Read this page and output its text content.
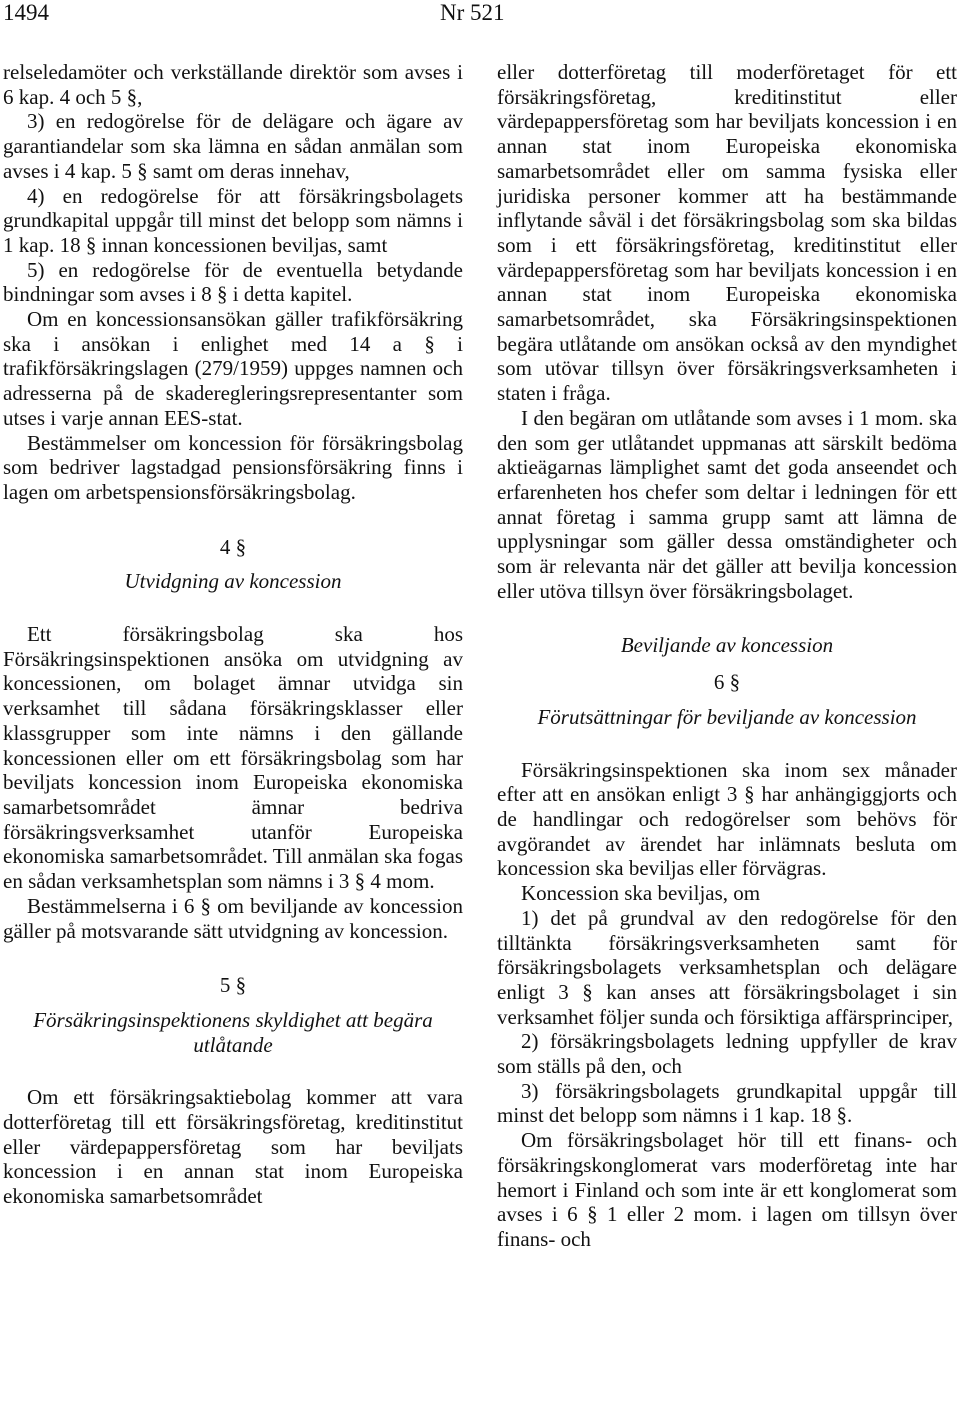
1494	Nr 521

relseledamöter och verkställande direktör som avses i 6 kap. 4 och 5 §,

3) en redogörelse för de delägare och ägare av garantiandelar som ska lämna en sådan anmälan som avses i 4 kap. 5 § samt om deras innehav,

4) en redogörelse för att försäkringsbolagets grundkapital uppgår till minst det belopp som nämns i 1 kap. 18 § innan koncessionen beviljas, samt

5) en redogörelse för de eventuella betydande bindningar som avses i 8 § i detta kapitel.

Om en koncessionsansökan gäller trafikförsäkring ska i ansökan i enlighet med 14 a § i trafikförsäkringslagen (279/1959) uppges namnen och adresserna på de skaderegleringsrepresentanter som utses i varje annan EES-stat.

Bestämmelser om koncession för försäkringsbolag som bedriver lagstadgad pensionsförsäkring finns i lagen om arbetspensionsförsäkringsbolag.

4 §
Utvidgning av koncession

Ett försäkringsbolag ska hos Försäkringsinspektionen ansöka om utvidgning av koncessionen, om bolaget ämnar utvidga sin verksamhet till sådana försäkringsklasser eller klassgrupper som inte nämns i den gällande koncessionen eller om ett försäkringsbolag som har beviljats koncession inom Europeiska ekonomiska samarbetsområdet ämnar bedriva försäkringsverksamhet utanför Europeiska ekonomiska samarbetsområdet. Till anmälan ska fogas en sådan verksamhetsplan som nämns i 3 § 4 mom.

Bestämmelserna i 6 § om beviljande av koncession gäller på motsvarande sätt utvidgning av koncession.

5 §
Försäkringsinspektionens skyldighet att begära utlåtande

Om ett försäkringsaktiebolag kommer att vara dotterföretag till ett försäkringsföretag, kreditinstitut eller värdepappersföretag som har beviljats koncession i en annan stat inom Europeiska ekonomiska samarbetsområdet

eller dotterföretag till moderföretaget för ett försäkringsföretag, kreditinstitut eller värdepappersföretag som har beviljats koncession i en annan stat inom Europeiska ekonomiska samarbetsområdet eller om samma fysiska eller juridiska personer kommer att ha bestämmande inflytande såväl i det försäkringsbolag som ska bildas som i ett försäkringsföretag, kreditinstitut eller värdepappersföretag som har beviljats koncession i en annan stat inom Europeiska ekonomiska samarbetsområdet, ska Försäkringsinspektionen begära utlåtande om ansökan också av den myndighet som utövar tillsyn över försäkringsverksamheten i staten i fråga.

I den begäran om utlåtande som avses i 1 mom. ska den som ger utlåtandet uppmanas att särskilt bedöma aktieägarnas lämplighet samt det goda anseendet och erfarenheten hos chefer som deltar i ledningen för ett annat företag i samma grupp samt att lämna de upplysningar som gäller dessa omständigheter och som är relevanta när det gäller att bevilja koncession eller utöva tillsyn över försäkringsbolaget.

Beviljande av koncession
6 §
Förutsättningar för beviljande av koncession

Försäkringsinspektionen ska inom sex månader efter att en ansökan enligt 3 § har anhängiggjorts och de handlingar och redogörelser som behövs för avgörandet av ärendet har inlämnats besluta om koncession ska beviljas eller förvägras.

Koncession ska beviljas, om

1) det på grundval av den redogörelse för den tilltänkta försäkringsverksamheten samt för försäkringsbolagets verksamhetsplan och delägare enligt 3 § kan anses att försäkringsbolaget i sin verksamhet följer sunda och försiktiga affärsprinciper,

2) försäkringsbolagets ledning uppfyller de krav som ställs på den, och

3) försäkringsbolagets grundkapital uppgår till minst det belopp som nämns i 1 kap. 18 §.

Om försäkringsbolaget hör till ett finans- och försäkringskonglomerat vars moderföretag inte har hemort i Finland och som inte är ett konglomerat som avses i 6 § 1 eller 2 mom. i lagen om tillsyn över finans- och
